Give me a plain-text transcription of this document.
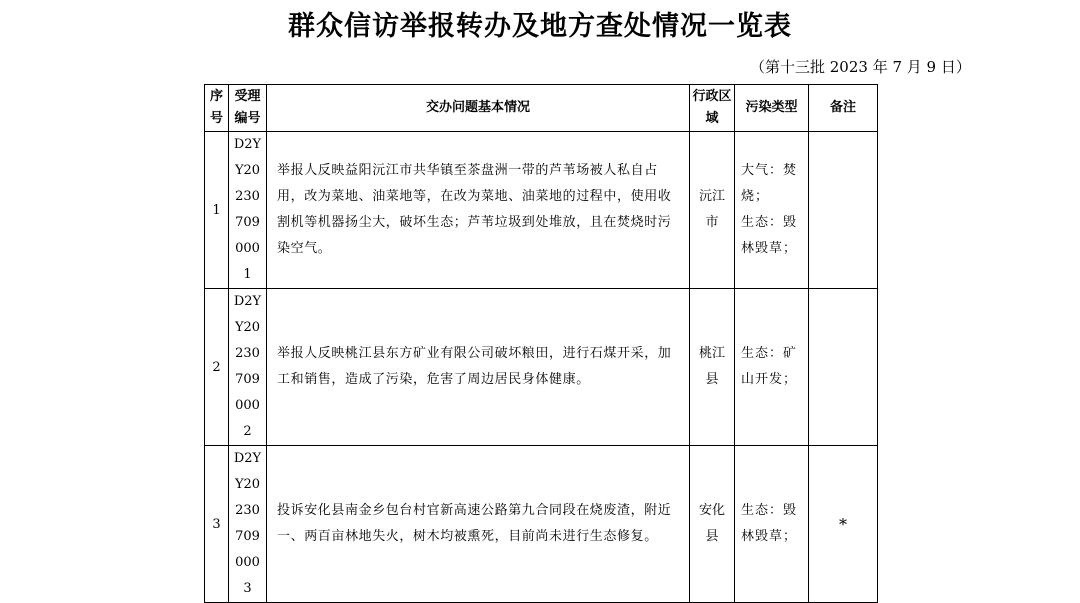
群众信访举报转办及地方查处情况一览表
（第十三批 2023 年 7 月 9 日）
序号	受理编号	交办问题基本情况	行政区域	污染类型	备注
1	D2YY202307090001	举报人反映益阳沅江市共华镇至茶盘洲一带的芦苇场被人私自占用，改为菜地、油菜地等，在改为菜地、油菜地的过程中，使用收割机等机器扬尘大，破坏生态；芦苇垃圾到处堆放，且在焚烧时污染空气。	沅江市	大气：焚烧；
生态：毁林毁草；	

2	D2YY202307090002	举报人反映桃江县东方矿业有限公司破坏粮田，进行石煤开采，加工和销售，造成了污染，危害了周边居民身体健康。	桃江县	生态：矿山开发；	

3	D2YY202307090003	投诉安化县南金乡包台村官新高速公路第九合同段在烧废渣，附近一、两百亩林地失火，树木均被熏死，目前尚未进行生态修复。	安化县	生态：毁林毁草；	*
